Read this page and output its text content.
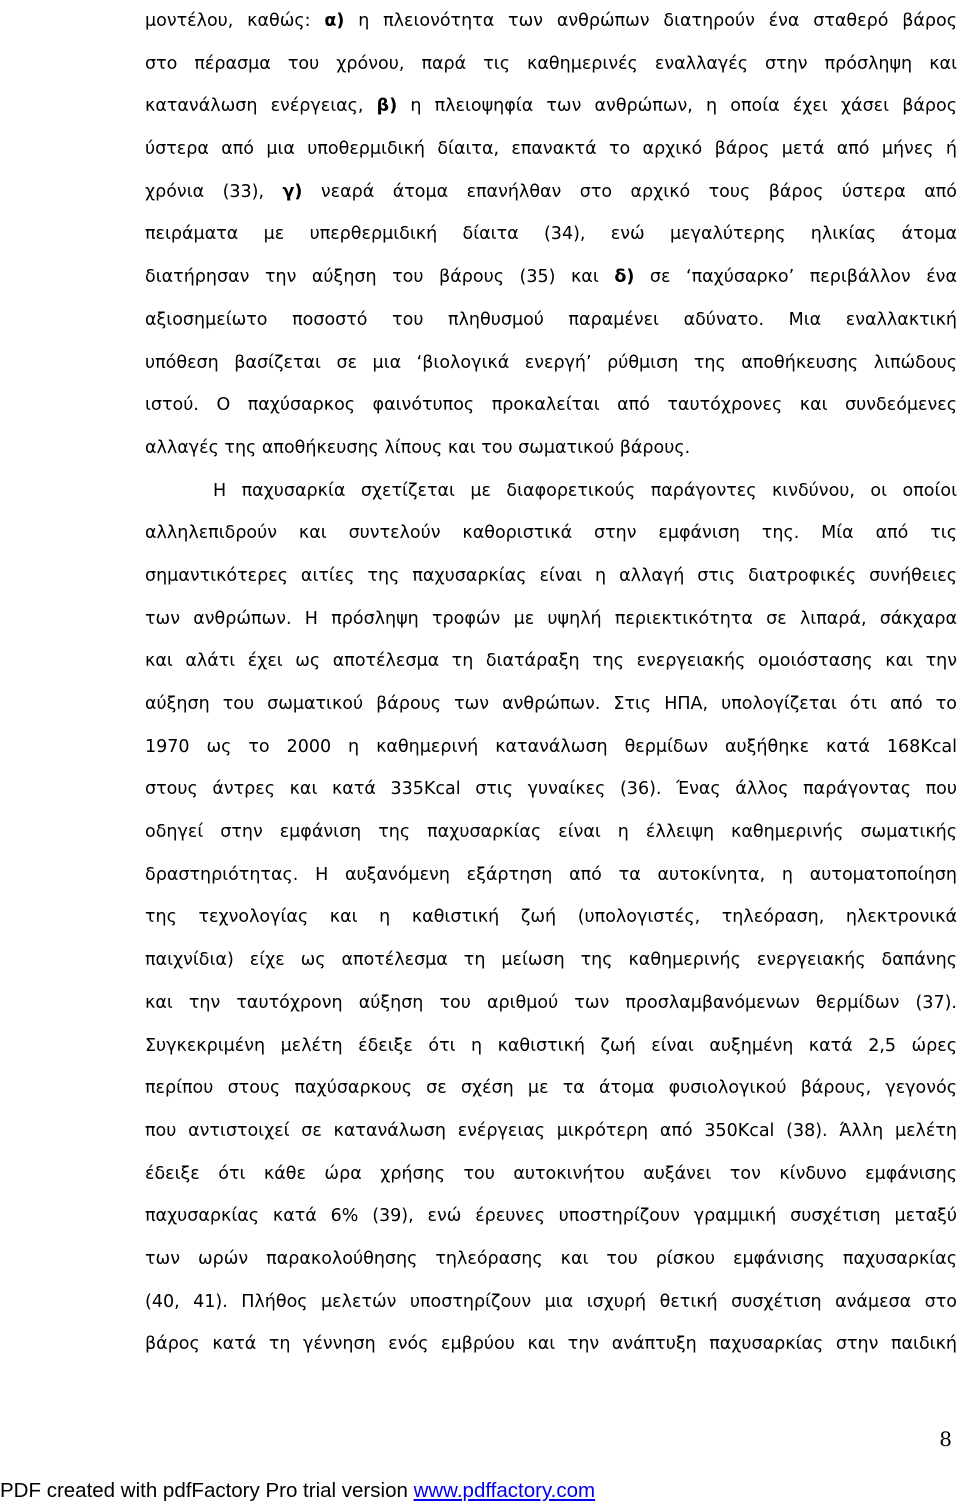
μοντέλου, καθώς: α) η πλειονότητα των ανθρώπων διατηρούν ένα σταθερό βάρος
στο πέρασμα του χρόνου, παρά τις καθημερινές εναλλαγές στην πρόσληψη και
κατανάλωση ενέργειας, β) η πλειοψηφία των ανθρώπων, η οποία έχει χάσει βάρος
ύστερα από μια υποθερμιδική δίαιτα, επανακτά το αρχικό βάρος μετά από μήνες ή
χρόνια (33), γ) νεαρά άτομα επανήλθαν στο αρχικό τους βάρος ύστερα από
πειράματα με υπερθερμιδική δίαιτα (34), ενώ μεγαλύτερης ηλικίας άτομα
διατήρησαν την αύξηση του βάρους (35) και δ) σε ‘παχύσαρκο’ περιβάλλον ένα
αξιοσημείωτο ποσοστό του πληθυσμού παραμένει αδύνατο. Μια εναλλακτική
υπόθεση βασίζεται σε μια ‘βιολογικά ενεργή’ ρύθμιση της αποθήκευσης λιπώδους
ιστού. Ο παχύσαρκος φαινότυπος προκαλείται από ταυτόχρονες και συνδεόμενες
αλλαγές της αποθήκευσης λίπους και του σωματικού βάρους.
Η παχυσαρκία σχετίζεται με διαφορετικούς παράγοντες κινδύνου, οι οποίοι
αλληλεπιδρούν και συντελούν καθοριστικά στην εμφάνιση της. Μία από τις
σημαντικότερες αιτίες της παχυσαρκίας είναι η αλλαγή στις διατροφικές συνήθειες
των ανθρώπων. Η πρόσληψη τροφών με υψηλή περιεκτικότητα σε λιπαρά, σάκχαρα
και αλάτι έχει ως αποτέλεσμα τη διατάραξη της ενεργειακής ομοιόστασης και την
αύξηση του σωματικού βάρους των ανθρώπων. Στις ΗΠΑ, υπολογίζεται ότι από το
1970 ως το 2000 η καθημερινή κατανάλωση θερμίδων αυξήθηκε κατά 168Kcal
στους άντρες και κατά 335Kcal στις γυναίκες (36). Ένας άλλος παράγοντας που
οδηγεί στην εμφάνιση της παχυσαρκίας είναι η έλλειψη καθημερινής σωματικής
δραστηριότητας. Η αυξανόμενη εξάρτηση από τα αυτοκίνητα, η αυτοματοποίηση
της τεχνολογίας και η καθιστική ζωή (υπολογιστές, τηλεόραση, ηλεκτρονικά
παιχνίδια) είχε ως αποτέλεσμα τη μείωση της καθημερινής ενεργειακής δαπάνης
και την ταυτόχρονη αύξηση του αριθμού των προσλαμβανόμενων θερμίδων (37).
Συγκεκριμένη μελέτη έδειξε ότι η καθιστική ζωή είναι αυξημένη κατά 2,5 ώρες
περίπου στους παχύσαρκους σε σχέση με τα άτομα φυσιολογικού βάρους, γεγονός
που αντιστοιχεί σε κατανάλωση ενέργειας μικρότερη από 350Kcal (38). Άλλη μελέτη
έδειξε ότι κάθε ώρα χρήσης του αυτοκινήτου αυξάνει τον κίνδυνο εμφάνισης
παχυσαρκίας κατά 6% (39), ενώ έρευνες υποστηρίζουν γραμμική συσχέτιση μεταξύ
των ωρών παρακολούθησης τηλεόρασης και του ρίσκου εμφάνισης παχυσαρκίας
(40, 41). Πλήθος μελετών υποστηρίζουν μια ισχυρή θετική συσχέτιση ανάμεσα στο
βάρος κατά τη γέννηση ενός εμβρύου και την ανάπτυξη παχυσαρκίας στην παιδική
8
PDF created with pdfFactory Pro trial version www.pdffactory.com
